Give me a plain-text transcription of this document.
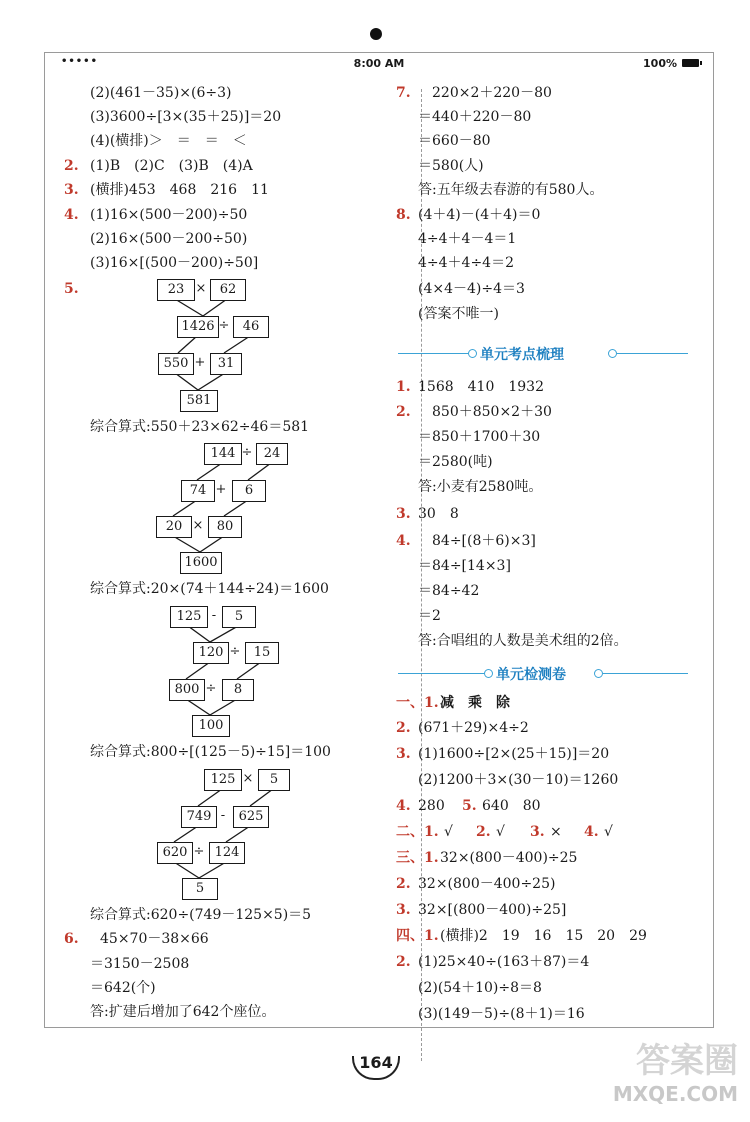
•••••	8:00 AM	100%
(2)(461－35)×(6÷3)
(3)3600÷[3×(35＋25)]＝20
(4)(横排)＞　＝　＝　＜
2. (1)B　(2)C　(3)B　(4)A
3. (横排)453　468　216　11
4. (1)16×(500－200)÷50
(2)16×(500－200÷50)
(3)16×[(500－200)÷50]
5.	23 ×	62
1426 ÷	46
550 + 31
581
综合算式:550＋23×62÷46＝581
144 ÷ 24
74 +	6
20 ×	80
1600
综合算式:20×(74＋144÷24)＝1600
125 -	5
120 ÷	15
800 ÷	8
100
综合算式:800÷[(125－5)÷15]＝100
125 ×	5
749 -	625
620 ÷ 124
5
综合算式:620÷(749－125×5)＝5
6. 45×70－38×66
＝3150－2508
＝642(个)
答:扩建后增加了642个座位。
7. 220×2＋220－80
＝440＋220－80
＝660－80
＝580(人)
答:五年级去春游的有580人。
8. (4＋4)－(4＋4)＝0
4÷4＋4－4＝1
4÷4＋4÷4＝2
(4×4－4)÷4＝3
(答案不唯一)
单元考点梳理
1. 1568　410　1932
2. 850＋850×2＋30
＝850＋1700＋30
＝2580(吨)
答:小麦有2580吨。
3. 30　8
4. 84÷[(8＋6)×3]
＝84÷[14×3]
＝84÷42
＝2
答:合唱组的人数是美术组的2倍。
单元检测卷
一、1. 减　乘　除
2. (671＋29)×4÷2
3. (1)1600÷[2×(25＋15)]＝20
(2)1200＋3×(30－10)＝1260
4. 280 5. 640　80
二、1. √ 2. √ 3. × 4. √
三、1. 32×(800－400)÷25
2. 32×(800－400÷25)
3. 32×[(800－400)÷25]
四、1. (横排)2　19　16　15　20　29
2. (1)25×40÷(163＋87)＝4
(2)(54＋10)÷8＝8
(3)(149－5)÷(8＋1)＝16
164	答案圈
MXQE.COM
